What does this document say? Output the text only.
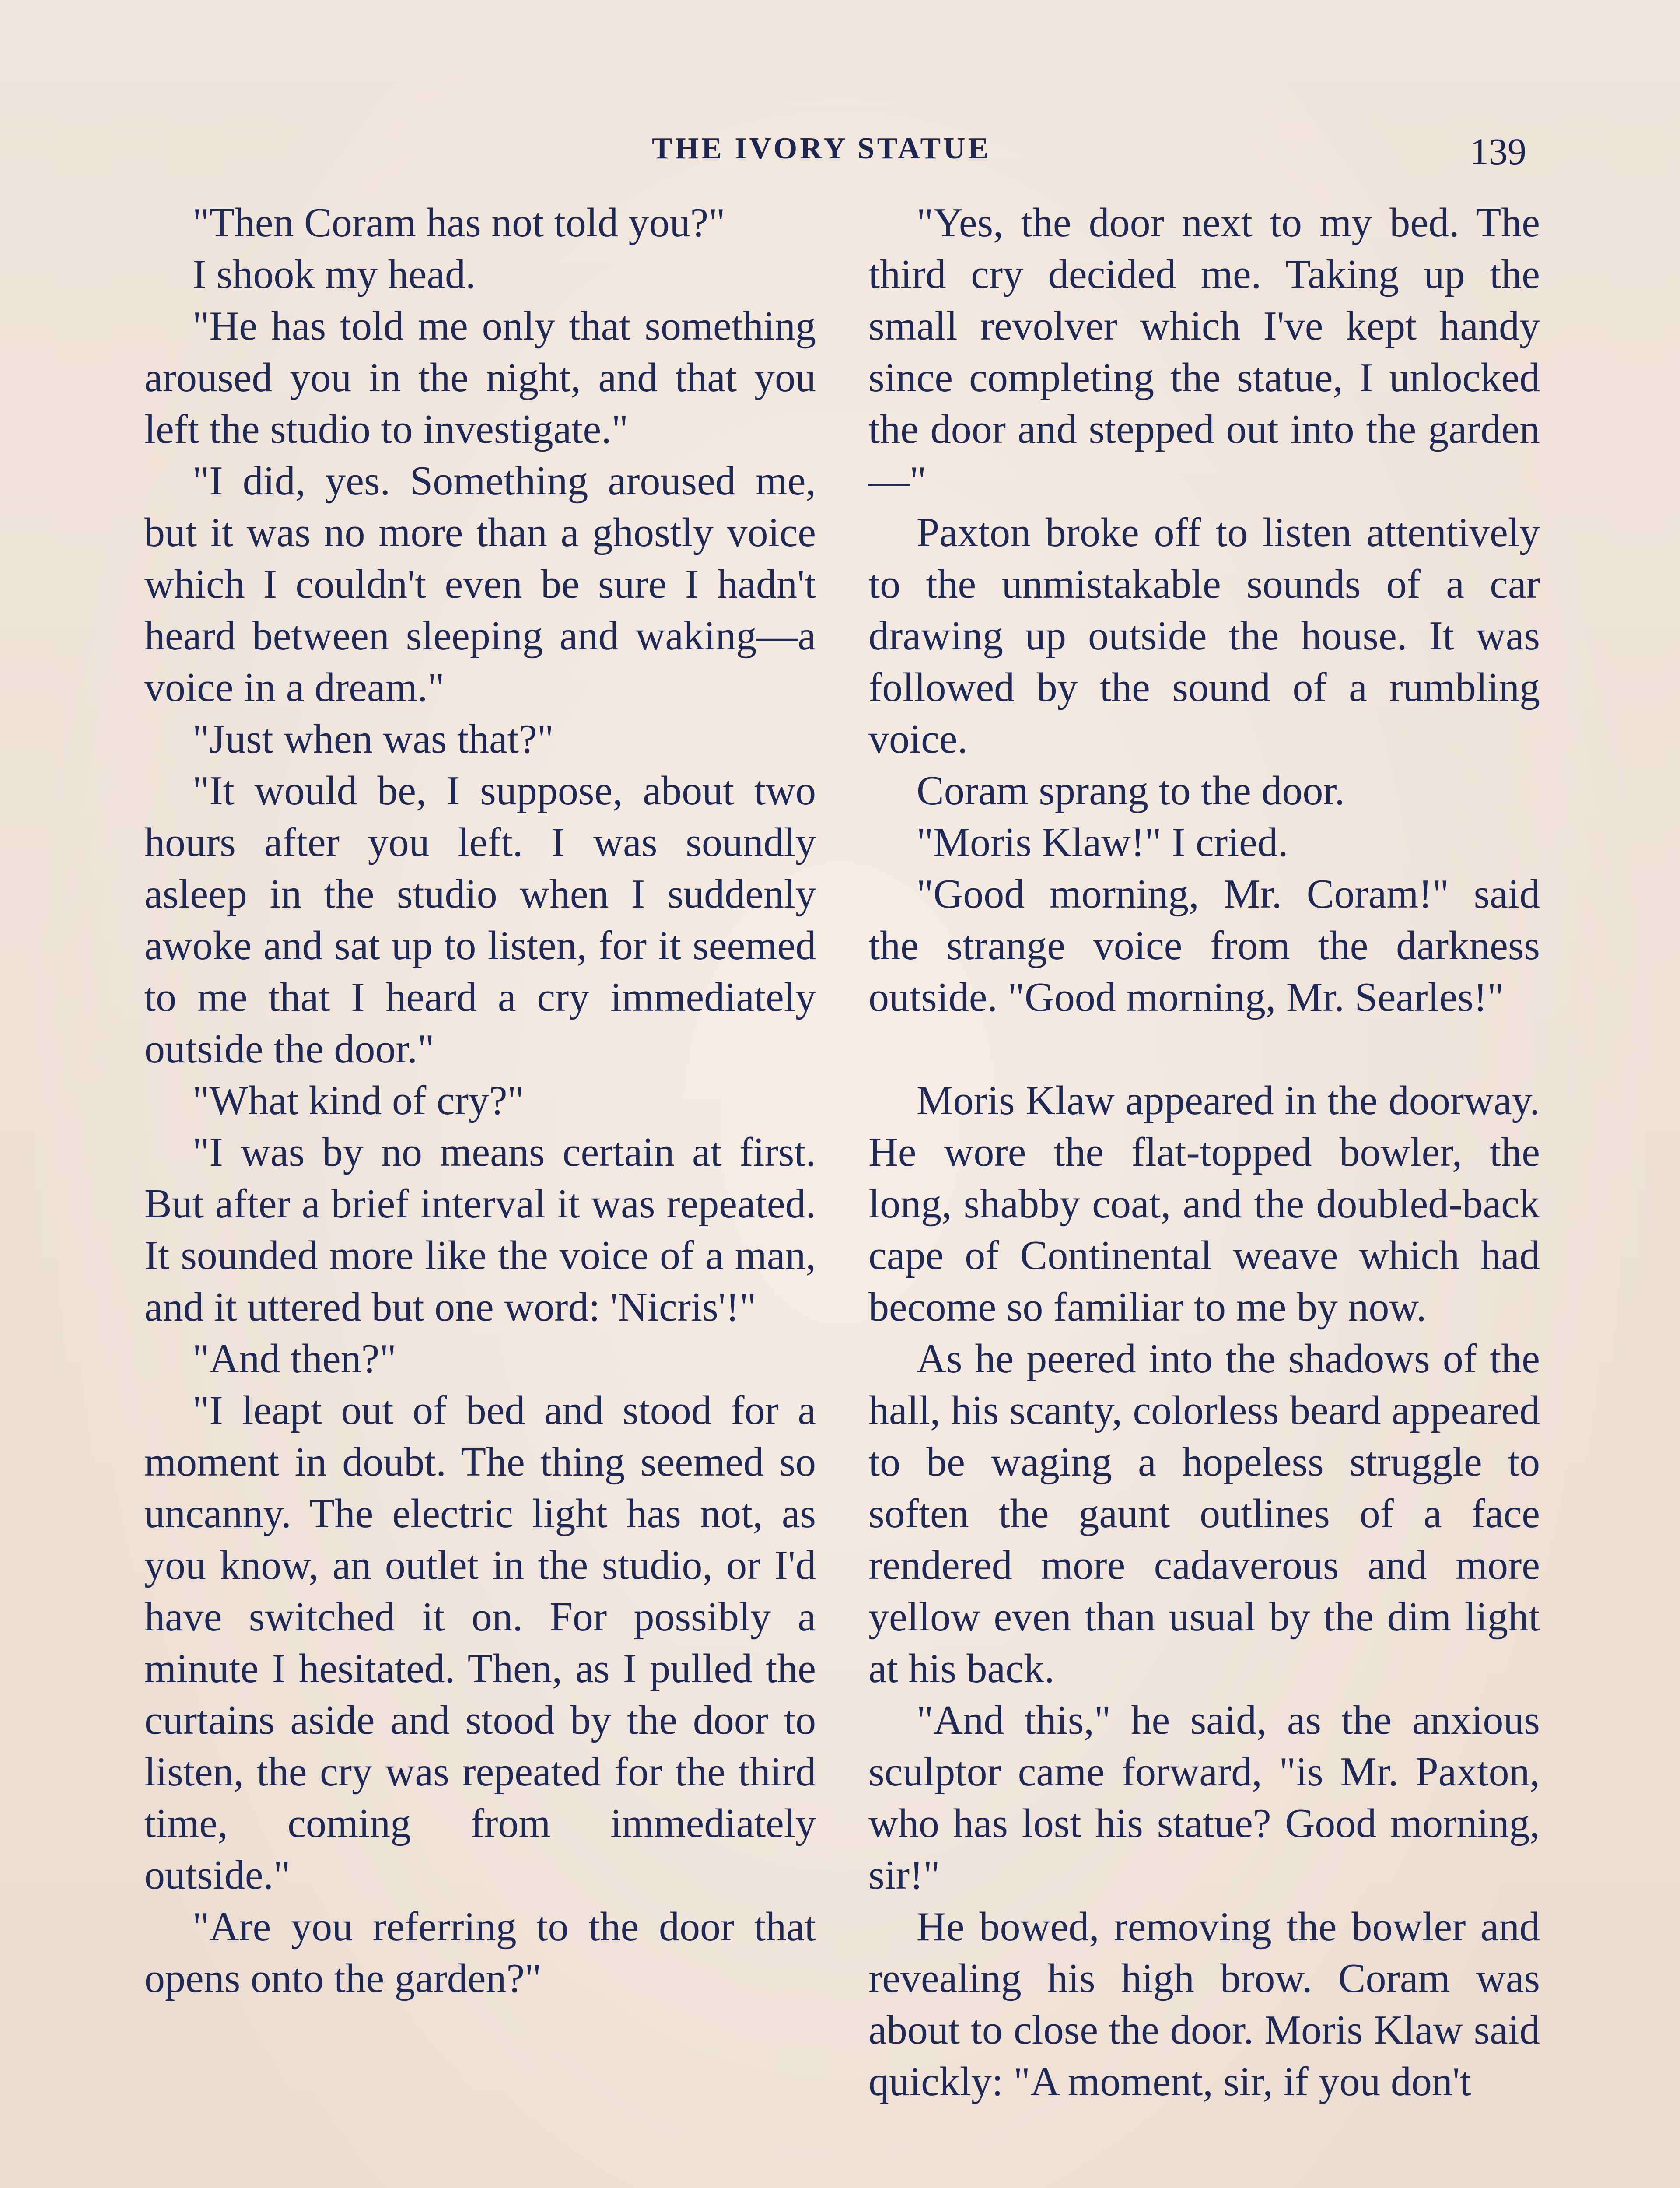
THE IVORY STATUE	139

"Then Coram has not told you?"

I shook my head.

"He has told me only that something aroused you in the night, and that you left the studio to investigate."

"I did, yes. Something aroused me, but it was no more than a ghostly voice which I couldn't even be sure I hadn't heard between sleeping and waking—a voice in a dream."

"Just when was that?"

"It would be, I suppose, about two hours after you left. I was soundly asleep in the studio when I suddenly awoke and sat up to listen, for it seemed to me that I heard a cry immediately outside the door."

"What kind of cry?"

"I was by no means certain at first. But after a brief interval it was repeated. It sounded more like the voice of a man, and it uttered but one word: 'Nicris'!"

"And then?"

"I leapt out of bed and stood for a moment in doubt. The thing seemed so uncanny. The electric light has not, as you know, an outlet in the studio, or I'd have switched it on. For possibly a minute I hesitated. Then, as I pulled the curtains aside and stood by the door to listen, the cry was repeated for the third time, coming from immediately outside."

"Are you referring to the door that opens onto the garden?"

"Yes, the door next to my bed. The third cry decided me. Taking up the small revolver which I've kept handy since completing the statue, I unlocked the door and stepped out into the garden—"

Paxton broke off to listen attentively to the unmistakable sounds of a car drawing up outside the house. It was followed by the sound of a rumbling voice.

Coram sprang to the door.

"Moris Klaw!" I cried.

"Good morning, Mr. Coram!" said the strange voice from the darkness outside. "Good morning, Mr. Searles!"

Moris Klaw appeared in the doorway. He wore the flat-topped bowler, the long, shabby coat, and the doubled-back cape of Continental weave which had become so familiar to me by now.

As he peered into the shadows of the hall, his scanty, colorless beard appeared to be waging a hopeless struggle to soften the gaunt outlines of a face rendered more cadaverous and more yellow even than usual by the dim light at his back.

"And this," he said, as the anxious sculptor came forward, "is Mr. Paxton, who has lost his statue? Good morning, sir!"

He bowed, removing the bowler and revealing his high brow. Coram was about to close the door. Moris Klaw said quickly: "A moment, sir, if you don't
